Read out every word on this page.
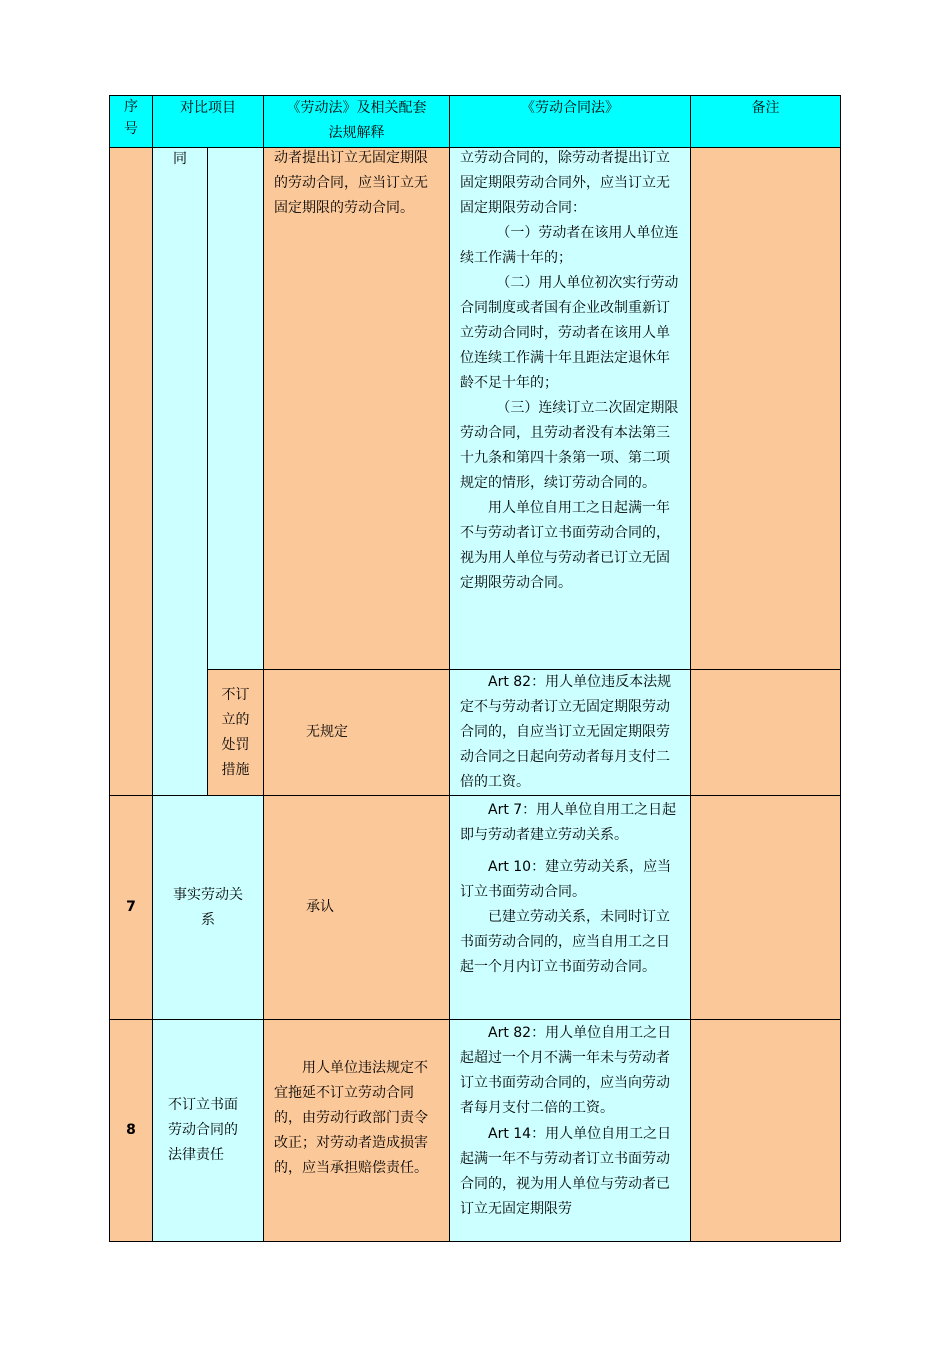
序号	对比项目		《劳动法》及相关配套法规解释	《劳动合同法》	备注

	同		动者提出订立无固定期限的劳动合同，应当订立无固定期限的劳动合同。	立劳动合同的，除劳动者提出订立固定期限劳动合同外，应当订立无固定期限劳动合同：

（一）劳动者在该用人单位连续工作满十年的；

（二）用人单位初次实行劳动合同制度或者国有企业改制重新订立劳动合同时，劳动者在该用人单位连续工作满十年且距法定退休年龄不足十年的；

（三）连续订立二次固定期限劳动合同，且劳动者没有本法第三十九条和第四十条第一项、第二项规定的情形，续订劳动合同的。

用人单位自用工之日起满一年不与劳动者订立书面劳动合同的，视为用人单位与劳动者已订立无固定期限劳动合同。	

		不订立的处罚措施	无规定	Art 82：用人单位违反本法规定不与劳动者订立无固定期限劳动合同的，自应当订立无固定期限劳动合同之日起向劳动者每月支付二倍的工资。	

7	事实劳动关系		承认	Art 7：用人单位自用工之日起即与劳动者建立劳动关系。

Art 10：建立劳动关系，应当订立书面劳动合同。

已建立劳动关系，未同时订立书面劳动合同的，应当自用工之日起一个月内订立书面劳动合同。	

8	不订立书面劳动合同的法律责任		用人单位违法规定不宜拖延不订立劳动合同的，由劳动行政部门责令改正；对劳动者造成损害的，应当承担赔偿责任。	Art 82：用人单位自用工之日起超过一个月不满一年未与劳动者订立书面劳动合同的，应当向劳动者每月支付二倍的工资。

Art 14：用人单位自用工之日起满一年不与劳动者订立书面劳动合同的，视为用人单位与劳动者已订立无固定期限劳	
